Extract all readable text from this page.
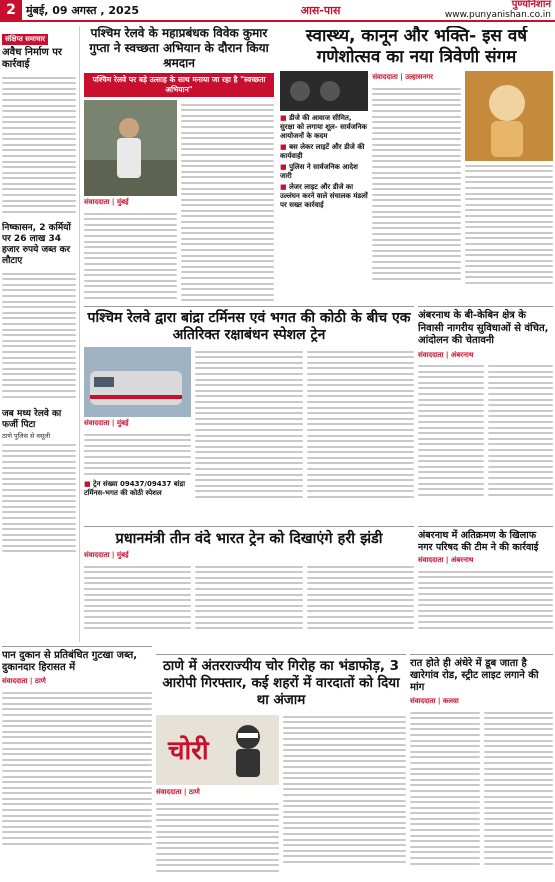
2 मुंबई, 09 अगस्त , 2025	आस-पास	पुण्यनिशान
www.punyanishan.co.in
संक्षिप्त समाचार
अवैध निर्माण पर कार्रवाई
निष्कासन, 2 कर्मियों पर 26 लाख 34 हजार रुपये जब्त कर लौटाए
जब मध्य रेलवे का फर्जी पिटा
ठाणे पुलिस से वसूली
पश्चिम रेलवे के महाप्रबंधक विवेक कुमार गुप्ता ने स्वच्छता अभियान के दौरान किया श्रमदान
पश्चिम रेलवे पर बड़े उत्साह के साथ मनाया जा रहा है "स्वच्छता अभियान"
संवाददाता | मुंबई
स्वास्थ्य, कानून और भक्ति- इस वर्ष गणेशोत्सव का नया त्रिवेणी संगम
■ डीजे की आवाज सीमित, सुरक्षा को लगाया शूल- सार्वजनिक आयोजनों के कदम
■ बस लेकर लाइटें और डीजे की कार्यवाही
■ पुलिस ने सार्वजनिक आदेश जारी
■ लेजर लाइट और डीजे का उल्लंघन करने वाले संचालक मंडलों पर सख्त कार्रवाई
संवाददाता | उल्हासनगर
पश्चिम रेलवे द्वारा बांद्रा टर्मिनस एवं भगत की कोठी के बीच एक अतिरिक्त रक्षाबंधन स्पेशल ट्रेन
संवाददाता | मुंबई
■ ट्रेन संख्या 09437/09437 बांद्रा टर्मिनस-भगत की कोठी स्पेशल
अंबरनाथ के बी-केबिन क्षेत्र के निवासी नागरीय सुविधाओं से वंचित, आंदोलन की चेतावनी
संवाददाता | अंबरनाथ
प्रधानमंत्री तीन वंदे भारत ट्रेन को दिखाएंगे हरी झंडी
संवाददाता | मुंबई
अंबरनाथ में अतिक्रमण के खिलाफ नगर परिषद की टीम ने की कार्रवाई
संवाददाता | अंबरनाथ
पान दुकान से प्रतिबंधित गुटखा जब्त, दुकानदार हिरासत में
संवाददाता | ठाणे
ठाणे में अंतरराज्यीय चोर गिरोह का भंडाफोड़, 3 आरोपी गिरफ्तार, कई शहरों में वारदातों को दिया था अंजाम
चोरी
संवाददाता | ठाणे
रात होते ही अंधेरे में डूब जाता है खारेगांव रोड, स्ट्रीट लाइट लगाने की मांग
संवाददाता | कलवा
